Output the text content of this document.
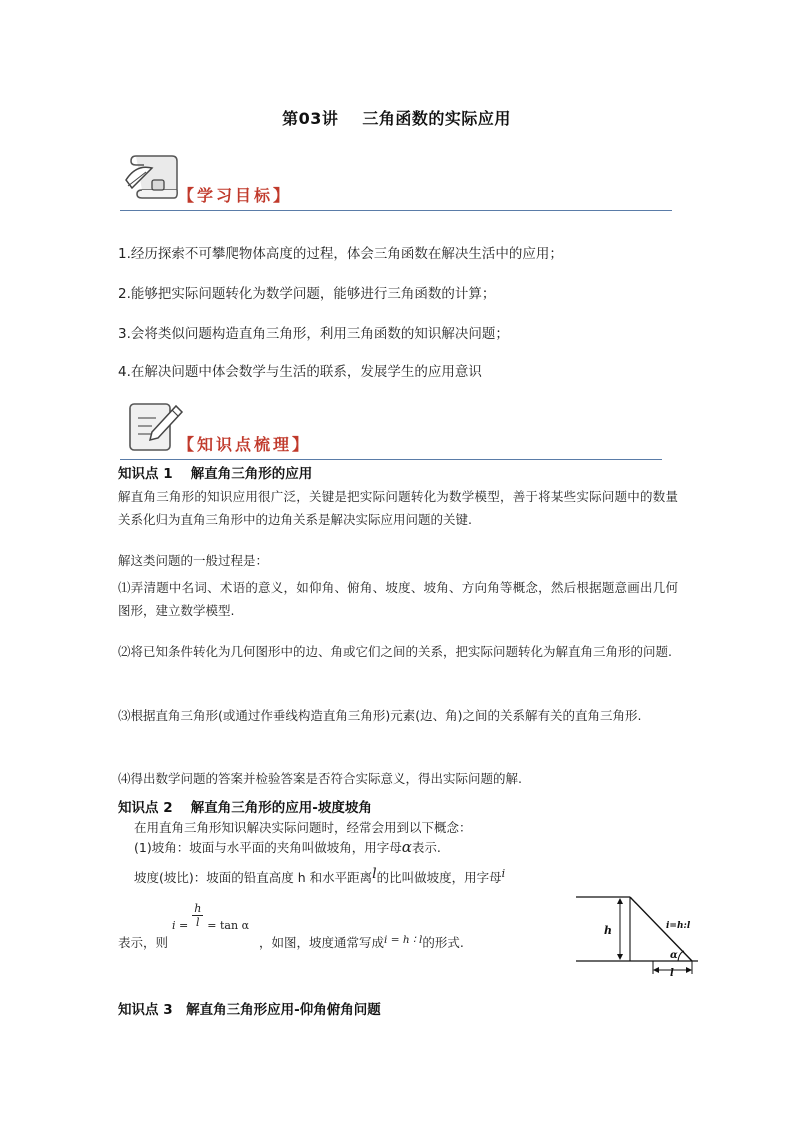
第03讲 三角函数的实际应用
【学习目标】
1.经历探索不可攀爬物体高度的过程，体会三角函数在解决生活中的应用；
2.能够把实际问题转化为数学问题，能够进行三角函数的计算；
3.会将类似问题构造直角三角形，利用三角函数的知识解决问题；
4.在解决问题中体会数学与生活的联系，发展学生的应用意识
【知识点梳理】
知识点 1　 解直角三角形的应用
解直角三角形的知识应用很广泛，关键是把实际问题转化为数学模型，善于将某些实际问题中的数量关系化归为直角三角形中的边角关系是解决实际应用问题的关键.
解这类问题的一般过程是：
⑴弄清题中名词、术语的意义，如仰角、俯角、坡度、坡角、方向角等概念，然后根据题意画出几何图形，建立数学模型.
⑵将已知条件转化为几何图形中的边、角或它们之间的关系，把实际问题转化为解直角三角形的问题.
⑶根据直角三角形(或通过作垂线构造直角三角形)元素(边、角)之间的关系解有关的直角三角形.
⑷得出数学问题的答案并检验答案是否符合实际意义，得出实际问题的解.
知识点 2　 解直角三角形的应用-坡度坡角
在用直角三角形知识解决实际问题时，经常会用到以下概念：
(1)坡角：坡面与水平面的夹角叫做坡角，用字母α表示.
坡度(坡比)：坡面的铅直高度 h 和水平距离l的比叫做坡度，用字母i
表示，则 $i = \frac{h}{l} = \tan \alpha$ ，如图，坡度通常写成$_{i = h ∶ l}$的形式.
h
l
α
i=h:l
知识点 3　解直角三角形应用-仰角俯角问题
